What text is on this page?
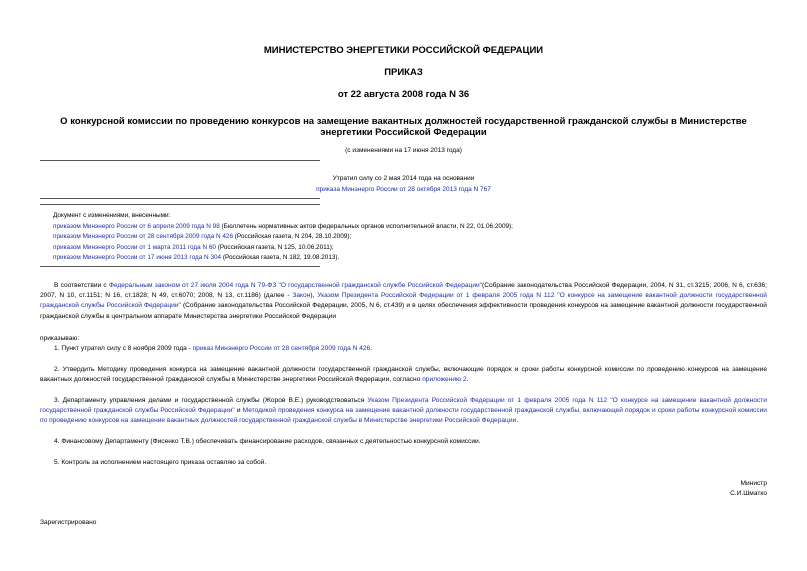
МИНИСТЕРСТВО ЭНЕРГЕТИКИ РОССИЙСКОЙ ФЕДЕРАЦИИ
ПРИКАЗ
от 22 августа 2008 года N 36
О конкурсной комиссии по проведению конкурсов на замещение вакантных должностей государственной гражданской службы в Министерстве энергетики Российской Федерации
(с изменениями на 17 июня 2013 года)
Утратил силу со 2 мая 2014 года на основании
приказа Минэнерго России от 28 октября 2013 года N 767
Документ с изменениями, внесенными:
приказом Минэнерго России от 6 апреля 2009 года N 98 (Бюллетень нормативных актов федеральных органов исполнительной власти, N 22, 01.06.2009);
приказом Минэнерго России от 28 сентября 2009 года N 426 (Российская газета, N 204, 28.10.2009);
приказом Минэнерго России от 1 марта 2011 года N 60 (Российская газета, N 125, 10.06.2011);
приказом Минэнерго России от 17 июня 2013 года N 304 (Российская газета, N 182, 19.08.2013).
В соответствии с Федеральным законом от 27 июля 2004 года N 79-ФЗ "О государственной гражданской службе Российской Федерации"(Собрание законодательства Российской Федерации, 2004, N 31, ст.3215; 2006, N 6, ст.636; 2007, N 10, ст.1151; N 16, ст.1828; N 49, ст.6070; 2008, N 13, ст.1186) (далее - Закон), Указом Президента Российской Федерации от 1 февраля 2005 года N 112 "О конкурсе на замещение вакантной должности государственной гражданской службы Российской Федерации" (Собрание законодательства Российской Федерации, 2005, N 6, ст.439) и в целях обеспечения эффективности проведения конкурсов на замещение вакантной должности государственной гражданской службы в центральном аппарате Министерства энергетики Российской Федерации
приказываю:
1. Пункт утратил силу с 8 ноября 2009 года - приказ Минэнерго России от 28 сентября 2009 года N 426.
2. Утвердить Методику проведения конкурса на замещение вакантной должности государственной гражданской службы, включающие порядок и сроки работы конкурсной комиссии по проведению конкурсов на замещение вакантных должностей государственной гражданской службы в Министерстве энергетики Российской Федерации, согласно приложению 2.
3. Департаменту управления делами и государственной службы (Жоров В.Е.) руководствоваться Указом Президента Российской Федерации от 1 февраля 2005 года N 112 "О конкурсе на замещение вакантной должности государственной гражданской службы Российской Федерации" и Методикой проведения конкурса на замещение вакантной должности государственной гражданской службы, включающей порядок и сроки работы конкурсной комиссии по проведению конкурсов на замещение вакантных должностей государственной гражданской службы в Министерстве энергетики Российской Федерации.
4. Финансовому Департаменту (Фисенко Т.В.) обеспечивать финансирование расходов, связанных с деятельностью конкурсной комиссии.
5. Контроль за исполнением настоящего приказа оставляю за собой.
Министр
С.И.Шматко
Зарегистрировано
